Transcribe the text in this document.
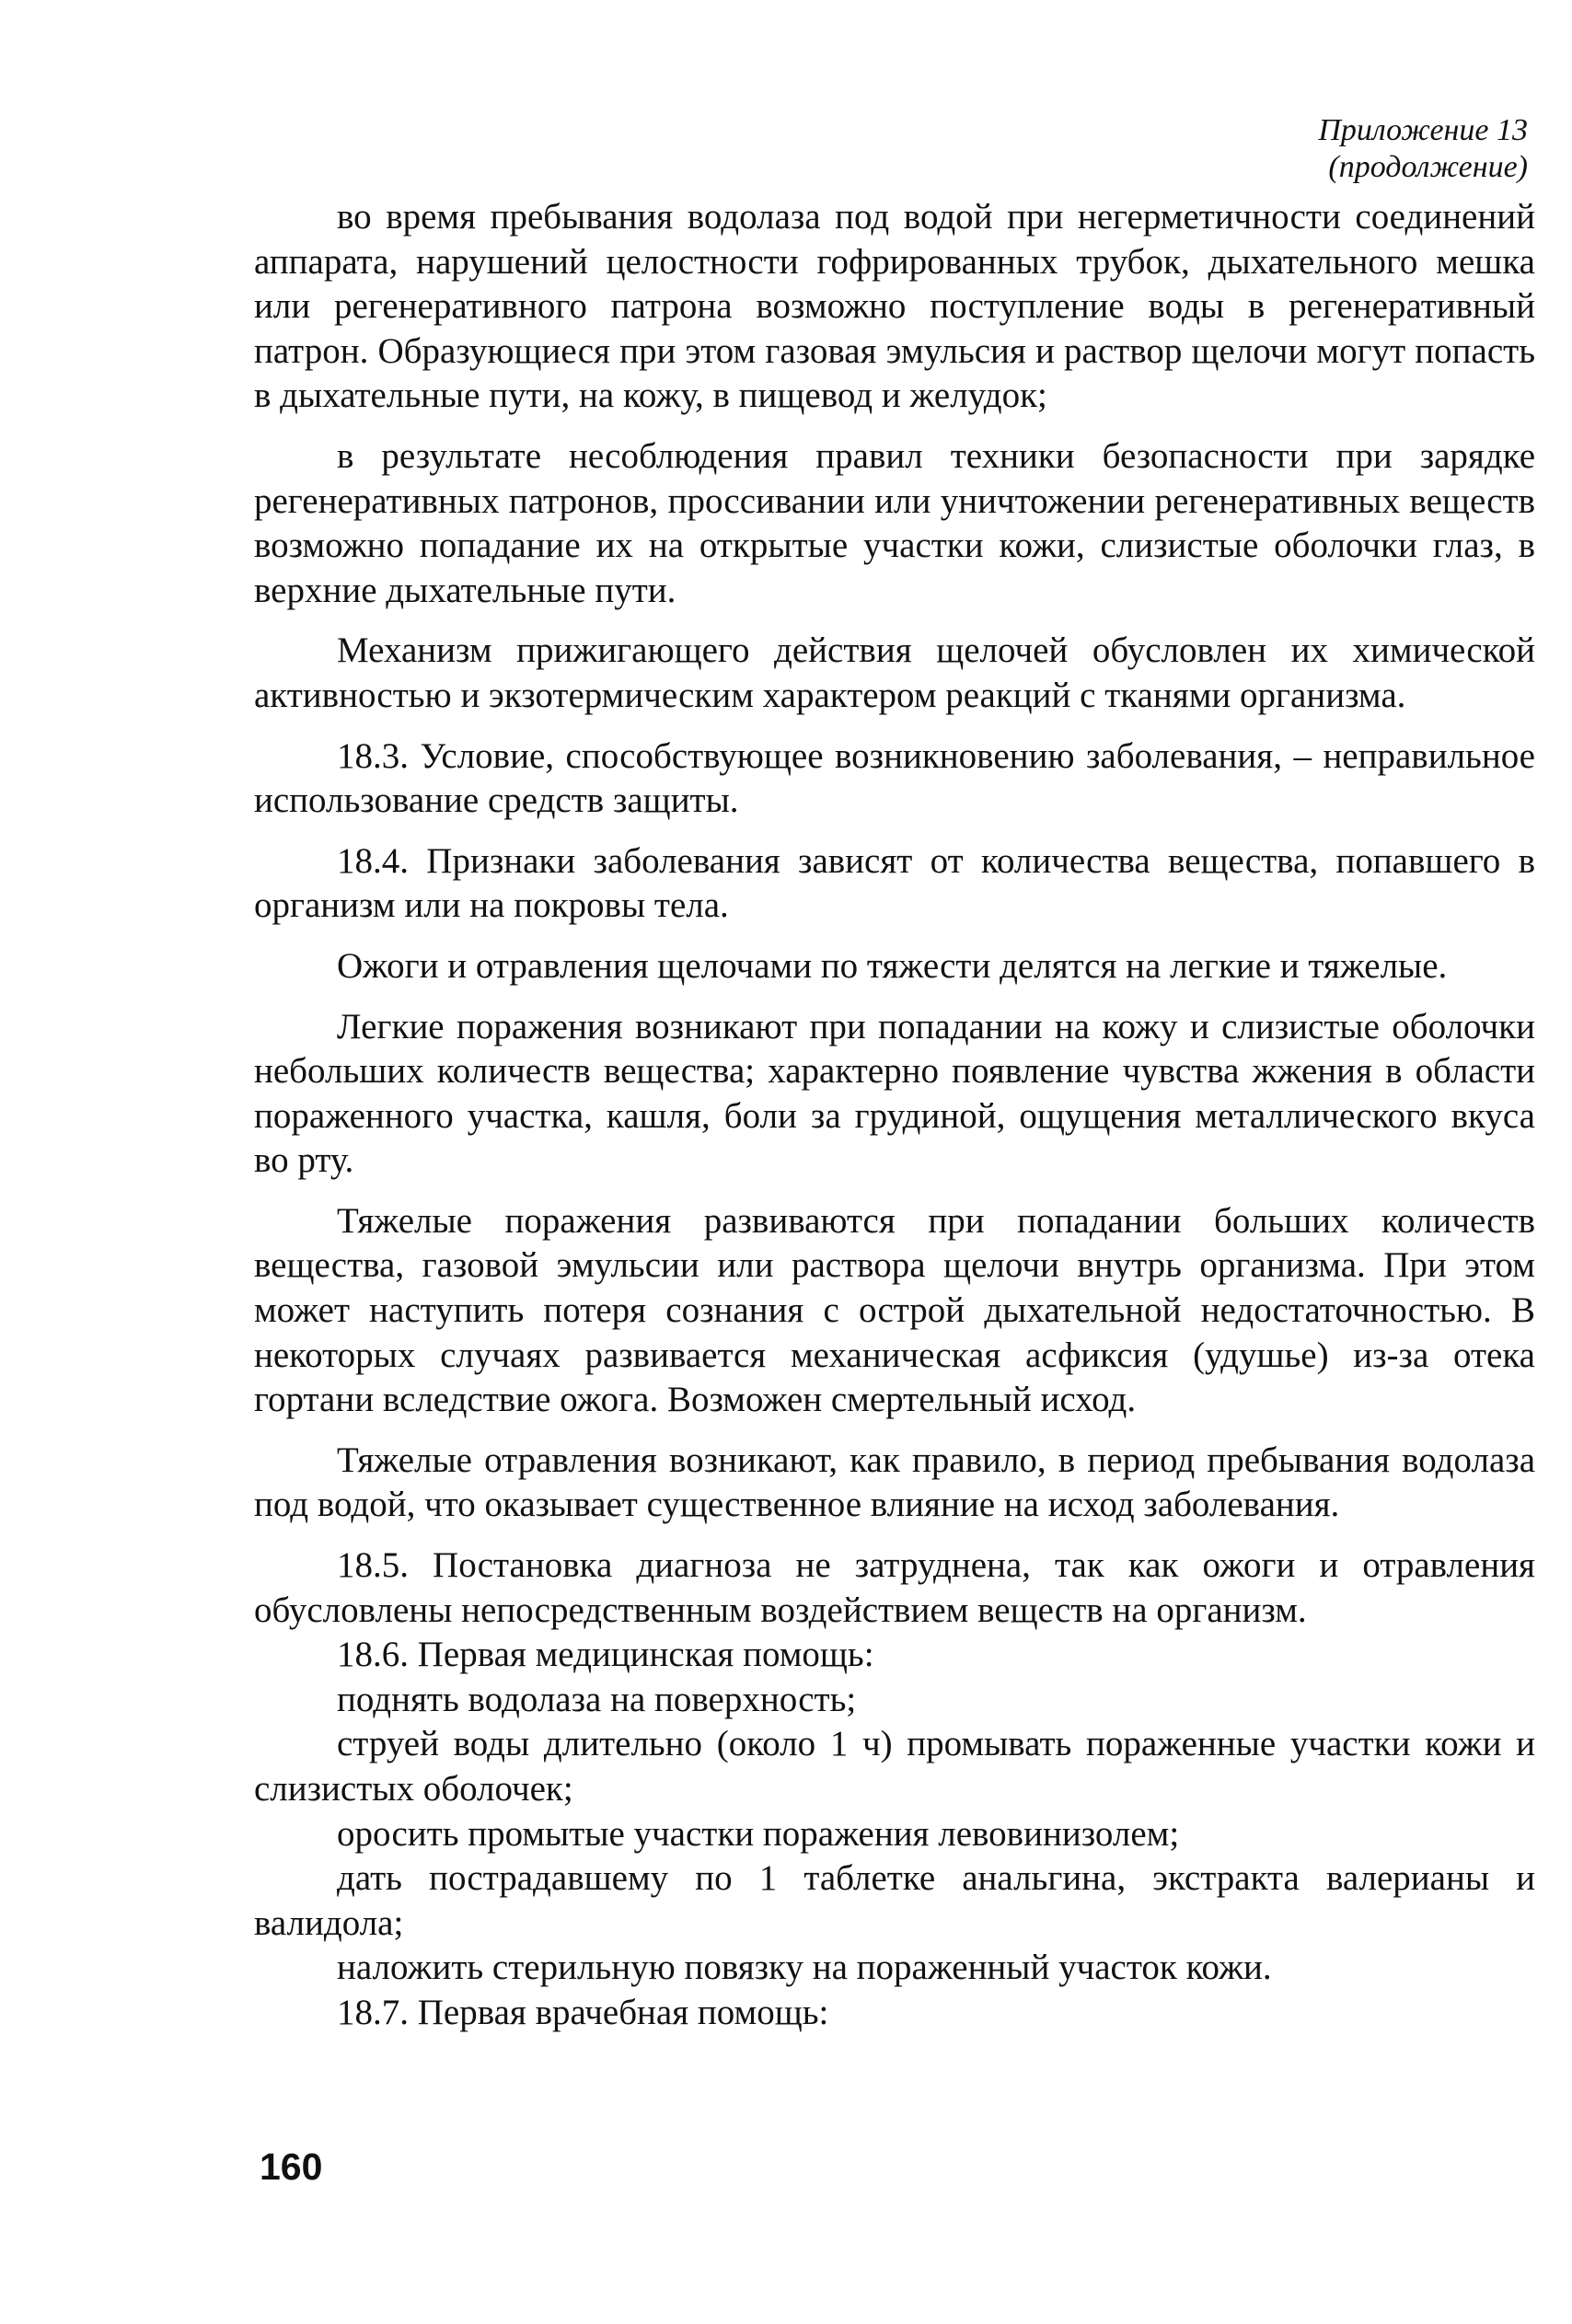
Приложение 13
(продолжение)

во время пребывания водолаза под водой при негерметичности соединений аппарата, нарушений целостности гофрированных трубок, дыхательного мешка или регенеративного патрона возможно поступление воды в регенеративный патрон. Образующиеся при этом газовая эмульсия и раствор щелочи могут попасть в дыхательные пути, на кожу, в пищевод и желудок;

в результате несоблюдения правил техники безопасности при зарядке регенеративных патронов, проссивании или уничтожении регенеративных веществ возможно попадание их на открытые участки кожи, слизистые оболочки глаз, в верхние дыхательные пути.

Механизм прижигающего действия щелочей обусловлен их химической активностью и экзотермическим характером реакций с тканями организма.

18.3. Условие, способствующее возникновению заболевания, – неправильное использование средств защиты.

18.4. Признаки заболевания зависят от количества вещества, попавшего в организм или на покровы тела.

Ожоги и отравления щелочами по тяжести делятся на легкие и тяжелые.

Легкие поражения возникают при попадании на кожу и слизистые оболочки небольших количеств вещества; характерно появление чувства жжения в области пораженного участка, кашля, боли за грудиной, ощущения металлического вкуса во рту.

Тяжелые поражения развиваются при попадании больших количеств вещества, газовой эмульсии или раствора щелочи внутрь организма. При этом может наступить потеря сознания с острой дыхательной недостаточностью. В некоторых случаях развивается механическая асфиксия (удушье) из-за отека гортани вследствие ожога. Возможен смертельный исход.

Тяжелые отравления возникают, как правило, в период пребывания водолаза под водой, что оказывает существенное влияние на исход заболевания.

18.5. Постановка диагноза не затруднена, так как ожоги и отравления обусловлены непосредственным воздействием веществ на организм.

18.6. Первая медицинская помощь:

поднять водолаза на поверхность;

струей воды длительно (около 1 ч) промывать пораженные участки кожи и слизистых оболочек;

оросить промытые участки поражения левовинизолем;

дать пострадавшему по 1 таблетке анальгина, экстракта валерианы и валидола;

наложить стерильную повязку на пораженный участок кожи.

18.7. Первая врачебная помощь:

160
